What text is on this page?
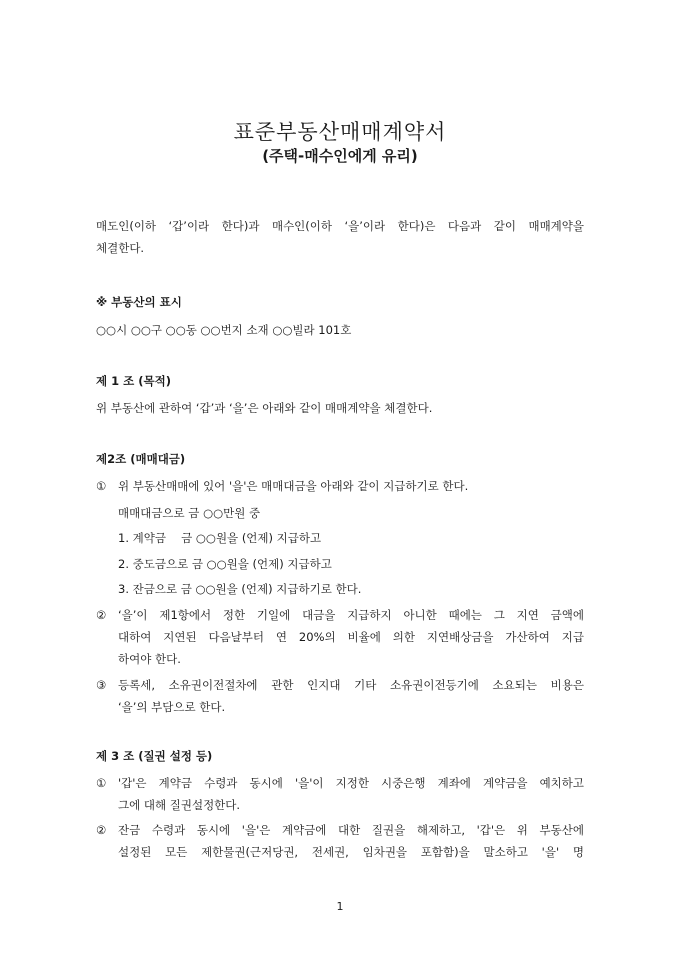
표준부동산매매계약서
(주택-매수인에게 유리)
매도인(이하 ‘갑’이라 한다)과 매수인(이하 ‘을’이라 한다)은 다음과 같이 매매계약을
체결한다.
※ 부동산의 표시
○○시 ○○구 ○○동 ○○번지 소재 ○○빌라 101호
제 1 조 (목적)
위 부동산에 관하여 ‘갑’과 ‘을’은 아래와 같이 매매계약을 체결한다.
제2조 (매매대금)
① 위 부동산매매에 있어 '을'은 매매대금을 아래와 같이 지급하기로 한다.
매매대금으로 금 ○○만원 중
1. 계약금　 금 ○○원을 (언제) 지급하고
2. 중도금으로 금 ○○원을 (언제) 지급하고
3. 잔금으로 금 ○○원을 (언제) 지급하기로 한다.
② ‘을’이 제1항에서 정한 기일에 대금을 지급하지 아니한 때에는 그 지연 금액에
대하여 지연된 다음날부터 연 20%의 비율에 의한 지연배상금을 가산하여 지급
하여야 한다.
③ 등록세, 소유권이전절차에 관한 인지대 기타 소유권이전등기에 소요되는 비용은
‘을’의 부담으로 한다.
제 3 조 (질권 설정 등)
① '갑'은 계약금 수령과 동시에 '을'이 지정한 시중은행 계좌에 계약금을 예치하고
그에 대해 질권설정한다.
② 잔금 수령과 동시에 '을'은 계약금에 대한 질권을 해제하고, '갑'은 위 부동산에
설정된 모든 제한물권(근저당권, 전세권, 임차권을 포함함)을 말소하고 '을' 명
1
